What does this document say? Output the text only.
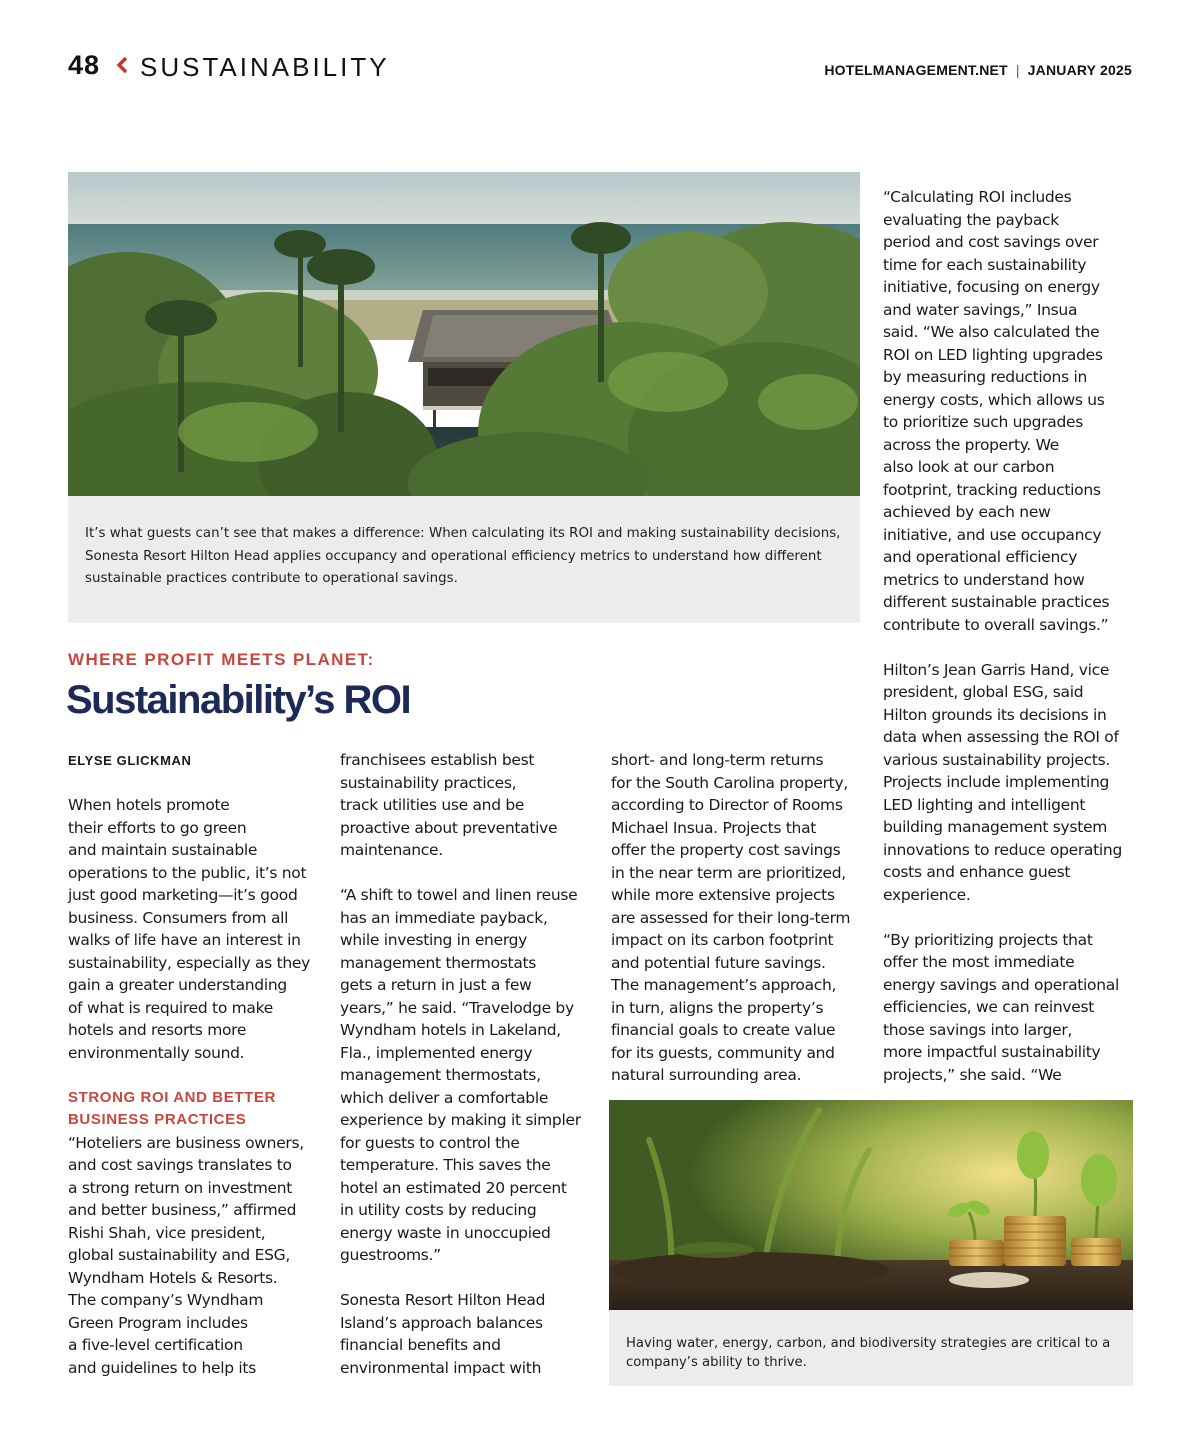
48 SUSTAINABILITY	HOTELMANAGEMENT.NET | JANUARY 2025
It’s what guests can’t see that makes a difference: When calculating its ROI and making sustainability decisions,
Sonesta Resort Hilton Head applies occupancy and operational efficiency metrics to understand how different
sustainable practices contribute to operational savings.
WHERE PROFIT MEETS PLANET:
Sustainability’s ROI
ELYSE GLICKMAN

When hotels promote
their efforts to go green
and maintain sustainable
operations to the public, it’s not
just good marketing—it’s good
business. Consumers from all
walks of life have an interest in
sustainability, especially as they
gain a greater understanding
of what is required to make
hotels and resorts more
environmentally sound.

STRONG ROI AND BETTER
BUSINESS PRACTICES

“Hoteliers are business owners,
and cost savings translates to
a strong return on investment
and better business,” affirmed
Rishi Shah, vice president,
global sustainability and ESG,
Wyndham Hotels & Resorts.
The company’s Wyndham
Green Program includes
a five-level certification
and guidelines to help its

franchisees establish best
sustainability practices,
track utilities use and be
proactive about preventative
maintenance.

“A shift to towel and linen reuse
has an immediate payback,
while investing in energy
management thermostats
gets a return in just a few
years,” he said. “Travelodge by
Wyndham hotels in Lakeland,
Fla., implemented energy
management thermostats,
which deliver a comfortable
experience by making it simpler
for guests to control the
temperature. This saves the
hotel an estimated 20 percent
in utility costs by reducing
energy waste in unoccupied
guestrooms.”

Sonesta Resort Hilton Head
Island’s approach balances
financial benefits and
environmental impact with

short- and long-term returns
for the South Carolina property,
according to Director of Rooms
Michael Insua. Projects that
offer the property cost savings
in the near term are prioritized,
while more extensive projects
are assessed for their long-term
impact on its carbon footprint
and potential future savings.
The management’s approach,
in turn, aligns the property’s
financial goals to create value
for its guests, community and
natural surrounding area.

“Calculating ROI includes
evaluating the payback
period and cost savings over
time for each sustainability
initiative, focusing on energy
and water savings,” Insua
said. “We also calculated the
ROI on LED lighting upgrades
by measuring reductions in
energy costs, which allows us
to prioritize such upgrades
across the property. We
also look at our carbon
footprint, tracking reductions
achieved by each new
initiative, and use occupancy
and operational efficiency
metrics to understand how
different sustainable practices
contribute to overall savings.”

Hilton’s Jean Garris Hand, vice
president, global ESG, said
Hilton grounds its decisions in
data when assessing the ROI of
various sustainability projects.
Projects include implementing
LED lighting and intelligent
building management system
innovations to reduce operating
costs and enhance guest
experience.

“By prioritizing projects that
offer the most immediate
energy savings and operational
efficiencies, we can reinvest
those savings into larger,
more impactful sustainability
projects,” she said. “We

Having water, energy, carbon, and biodiversity strategies are critical to a
company’s ability to thrive.
